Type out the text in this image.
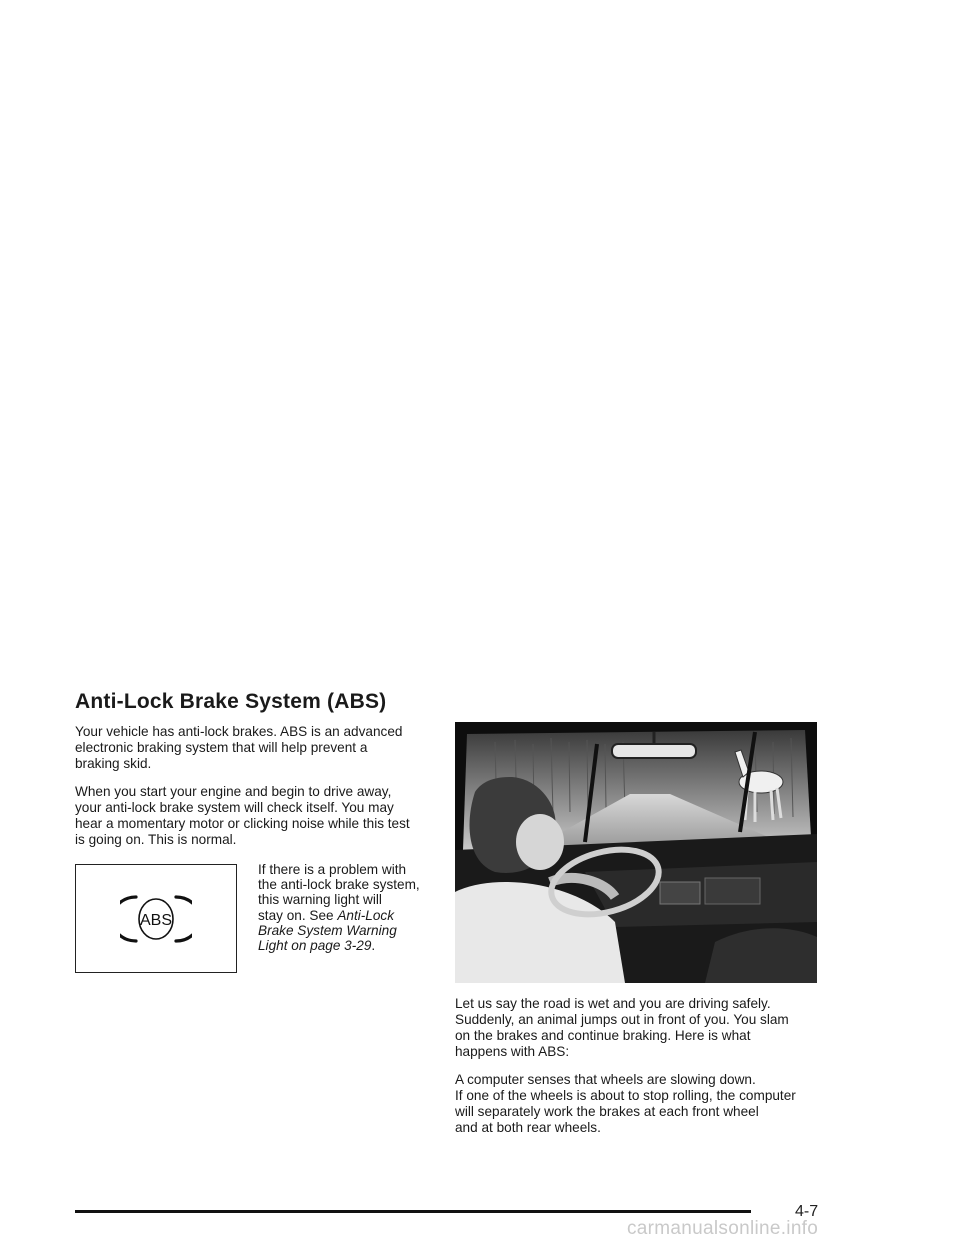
Anti-Lock Brake System (ABS)

Your vehicle has anti-lock brakes. ABS is an advanced
electronic braking system that will help prevent a
braking skid.

When you start your engine and begin to drive away,
your anti-lock brake system will check itself. You may
hear a momentary motor or clicking noise while this test
is going on. This is normal.

ABS
If there is a problem with
the anti-lock brake system,
this warning light will
stay on. See Anti-Lock
Brake System Warning
Light on page 3-29.

Let us say the road is wet and you are driving safely.
Suddenly, an animal jumps out in front of you. You slam
on the brakes and continue braking. Here is what
happens with ABS:

A computer senses that wheels are slowing down.
If one of the wheels is about to stop rolling, the computer
will separately work the brakes at each front wheel
and at both rear wheels.

4-7
carmanualsonline.info
